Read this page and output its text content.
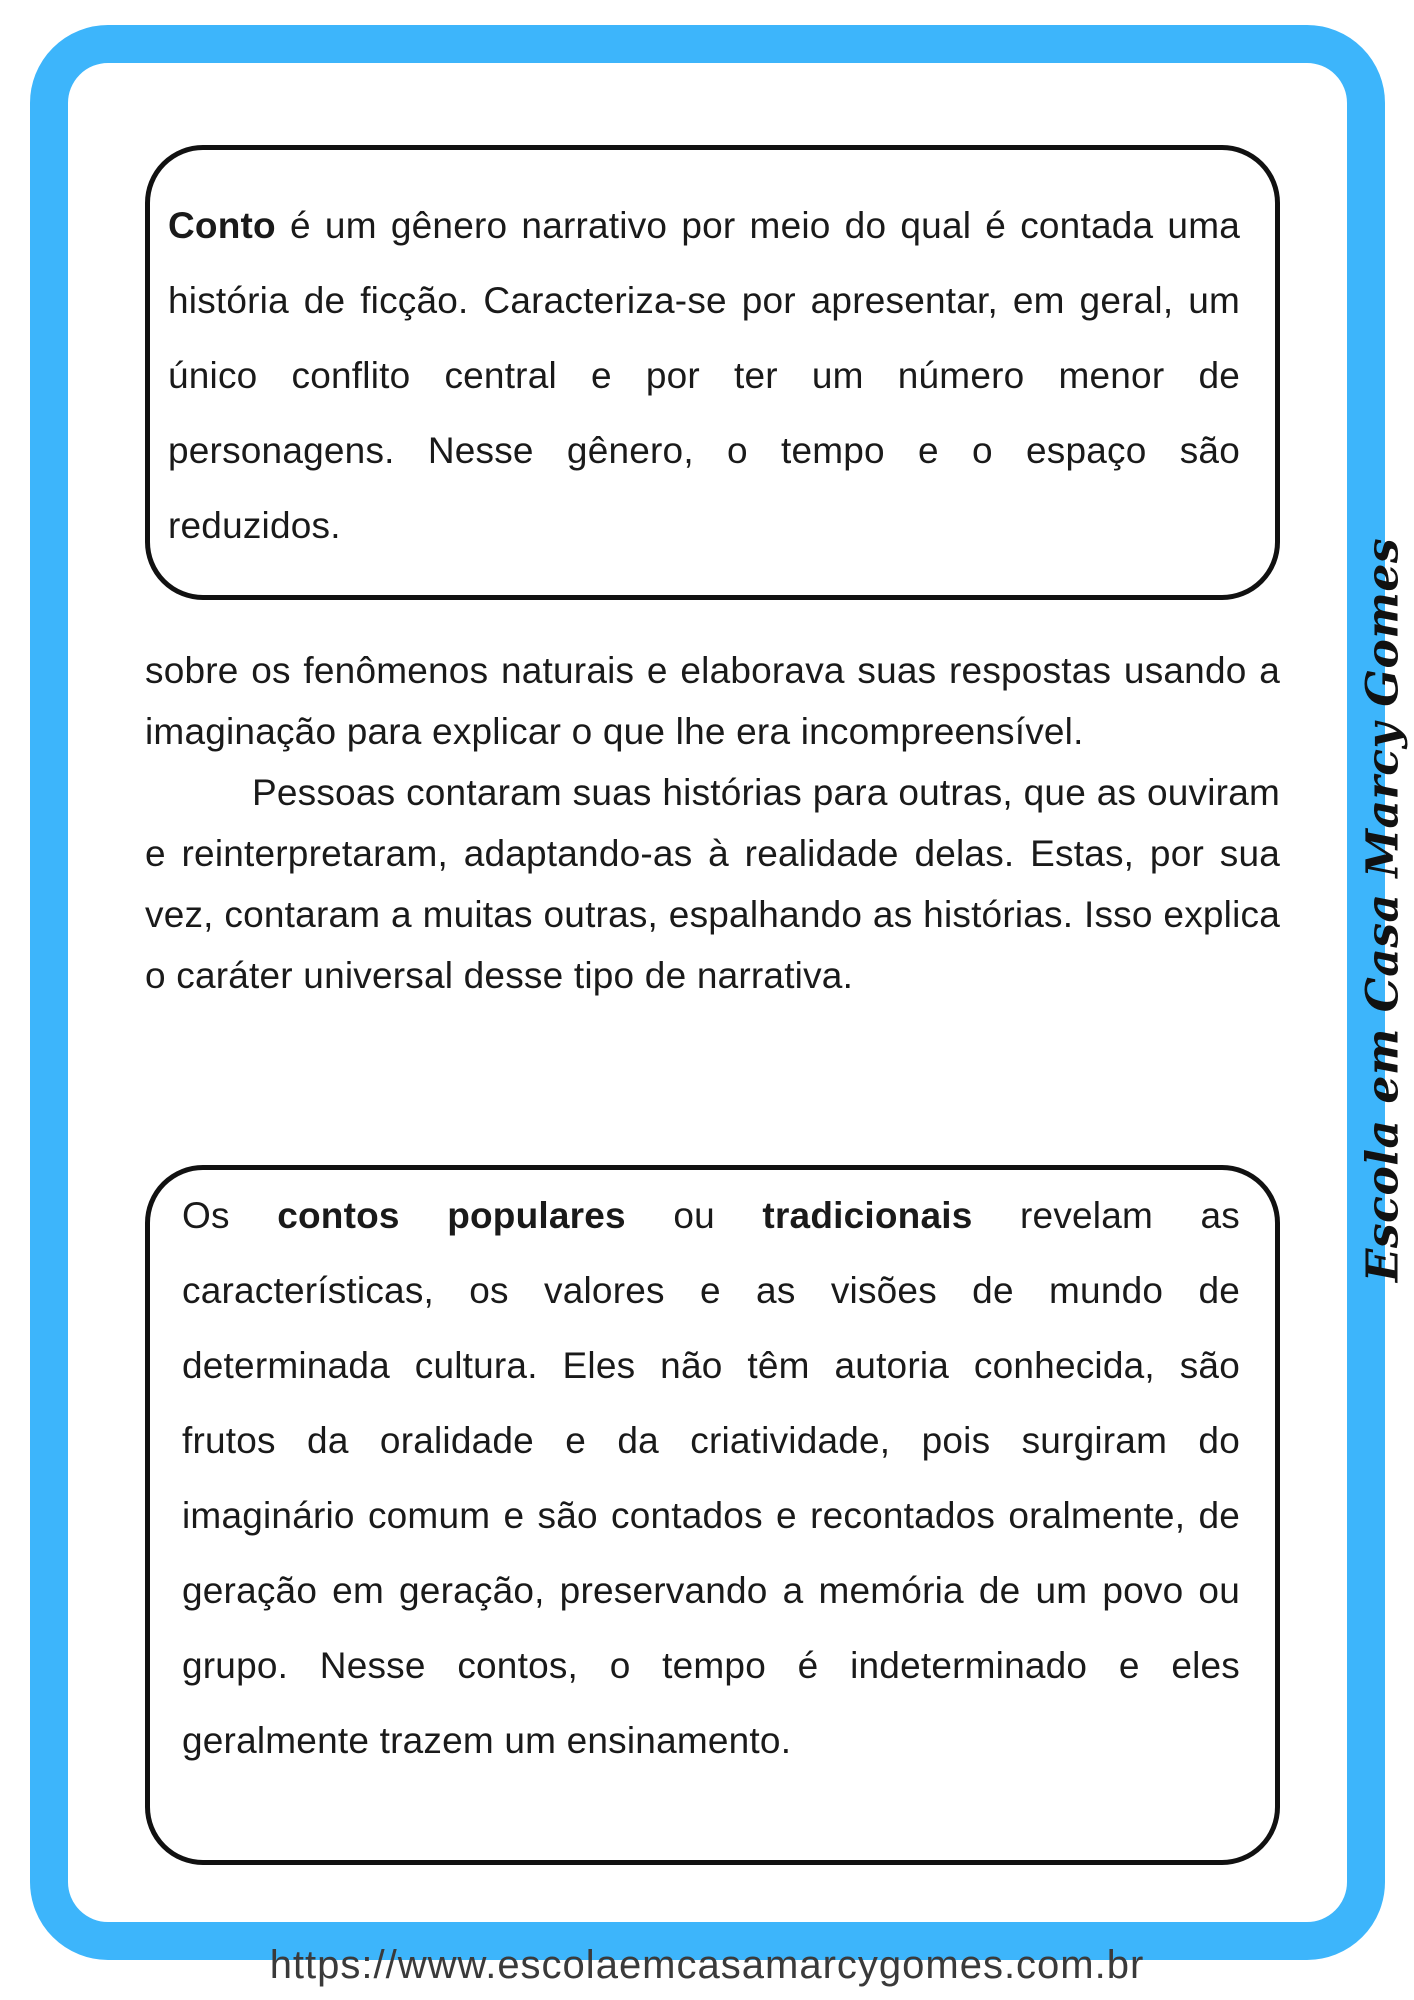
Conto é um gênero narrativo por meio do qual é contada uma história de ficção. Caracteriza-se por apresentar, em geral, um único conflito central e por ter um número menor de personagens. Nesse gênero, o tempo e o espaço são reduzidos.

sobre os fenômenos naturais e elaborava suas respostas usando a imaginação para explicar o que lhe era incompreensível.

Pessoas contaram suas histórias para outras, que as ouviram e reinterpretaram, adaptando-as à realidade delas. Estas, por sua vez, contaram a muitas outras, espalhando as histórias. Isso explica o caráter universal desse tipo de narrativa.

Os contos populares ou tradicionais revelam as características, os valores e as visões de mundo de determinada cultura. Eles não têm autoria conhecida, são frutos da oralidade e da criatividade, pois surgiram do imaginário comum e são contados e recontados oralmente, de geração em geração, preservando a memória de um povo ou grupo. Nesse contos, o tempo é indeterminado e eles geralmente trazem um ensinamento.
Escola em Casa Marcy Gomes
https://www.escolaemcasamarcygomes.com.br
